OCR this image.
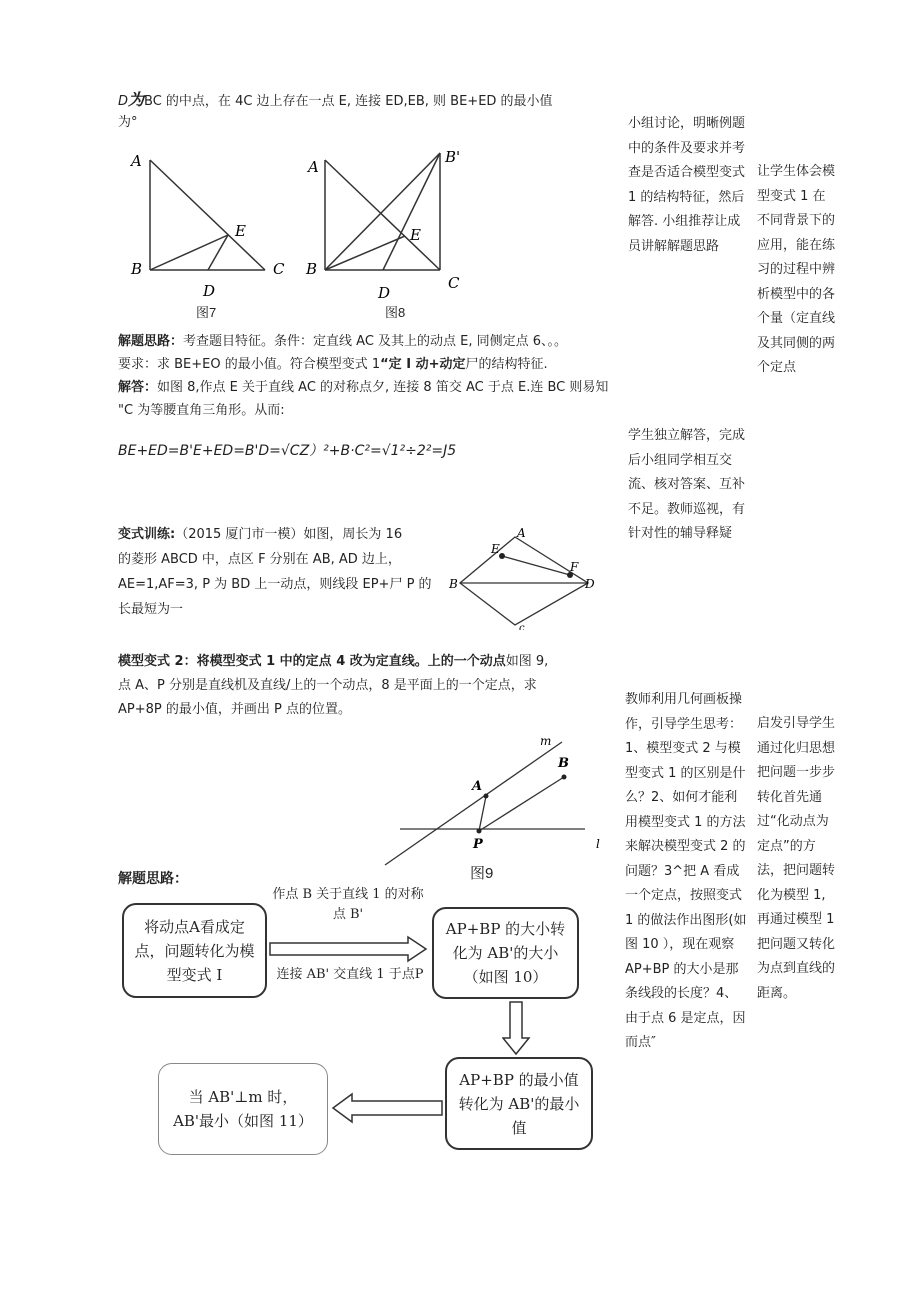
D为BC 的中点，在 4C 边上存在一点 E, 连接 ED,EB, 则 BE+ED 的最小值
为°
A
B	C
D
E
图7
A
B'
B
C
D
E
图8
解题思路：考查题目特征。条件：定直线 AC 及其上的动点 E, 同侧定点 6、。。
要求：求 BE+EO 的最小值。符合模型变式 1“定 I 动+动定尸的结构特征.
解答：如图 8,作点 E 关于直线 AC 的对称点夕, 连接 8 笛交 AC 于点 E.连 BC 则易知
"C 为等腰直角三角形。从而:
BE+ED=B'E+ED=B'D=√CZ）²+B·C²=√1²÷2²=J5
变式训练:（2015 厦门市一模）如图，周长为 16
的菱形 ABCD 中，点区 F 分别在 AB, AD 边上，
AE=1,AF=3, P 为 BD 上一动点，则线段 EP+尸 P 的
长最短为一
A
B	D
E
F
c
模型变式 2：将模型变式 1 中的定点 4 改为定直线。上的一个动点如图 9,
点 A、P 分别是直线机及直线/上的一个动点，8 是平面上的一个定点，求
AP+8P 的最小值，并画出 P 点的位置。
m
l
A
B
P
图9
解题思路：
将动点A看成定点，问题转化为模型变式 I
作点 B 关于直线 1 的对称点 B'
连接 AB' 交直线 1 于点P
AP+BP 的大小转化为 AB'的大小（如图 10）
AP+BP 的最小值转化为 AB'的最小值
当 AB'⊥m 时，AB'最小（如图 11）
小组讨论，明晰例题中的条件及要求并考查是否适合模型变式 1 的结构特征，然后解答. 小组推荐让成员讲解解题思路
学生独立解答，完成后小组同学相互交流、核对答案、互补不足。教师巡视，有针对性的辅导释疑
教师利用几何画板操作，引导学生思考：1、模型变式 2 与模型变式 1 的区别是什么？2、如何才能利用模型变式 1 的方法来解决模型变式 2 的问题？3^把 A 看成一个定点，按照变式 1 的做法作出图形(如图 10 ），现在观察 AP+BP 的大小是那条线段的长度？4、由于点 6 是定点，因而点″
让学生体会模型变式 1 在不同背景下的应用，能在练习的过程中辨析模型中的各个量（定直线及其同侧的两个定点
启发引导学生通过化归思想把问题一步步转化首先通过“化动点为定点”的方法，把问题转化为模型 1,再通过模型 1 把问题又转化为点到直线的距离。
